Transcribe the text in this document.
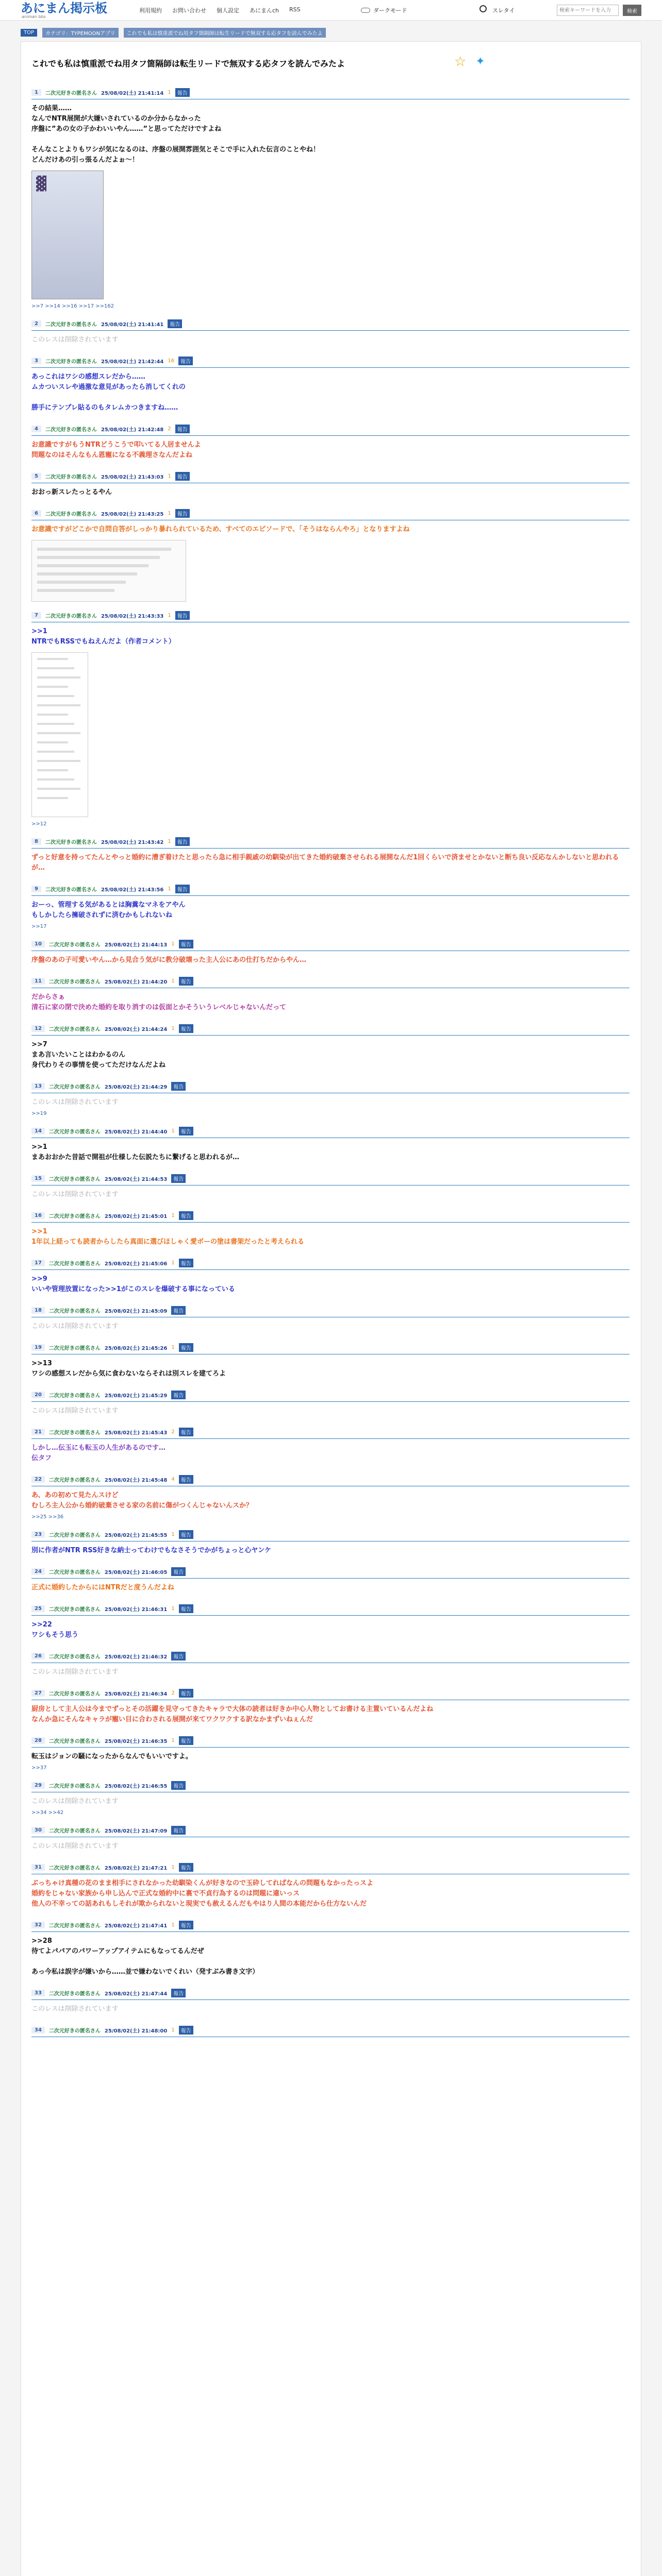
あにまん掲示板
animan bbs
利用規約 お問い合わせ 個人設定 あにまんch RSS	ダークモード	スレタイ
検索キーワードを入力	検索
TOP	カテゴリ：TYPEMOONアプリ	これでも私は慎重派でね用タフ箇隔師は転生リードで無双する応タフを読んでみたよ
これでも私は慎重派でね用タフ箇隔師は転生リードで無双する応タフを読んでみたよ	☆ ✦
1	二次元好きの匿名さん 25/08/02(土) 21:41:14 1	報告
その結果……
なんでNTR展開が大嫌いされているのか分からなかった
序盤に”あの女の子かわいいやん……”と思ってただけですよね

そんなことよりもワシが気になるのは、序盤の展開雰囲気とそこで手に入れた伝言のことやね！
どんだけあの引っ張るんだよぉ～！
▓
>>7 >>14 >>16 >>17 >>162
2	二次元好きの匿名さん 25/08/02(土) 21:41:41	報告
このレスは削除されています
3	二次元好きの匿名さん 25/08/02(土) 21:42:44 16	報告
あっこれはワシの感想スレだから……
ムカついスレや過激な意見があったら消してくれの

勝手にテンプレ貼るのもタレムカつきますね……
4	二次元好きの匿名さん 25/08/02(土) 21:42:48 2	報告
お意識ですがもうNTRどうこうで叩いてる人居ませんよ
問題なのはそんなもん恩寵になる不義理さなんだよね
5	二次元好きの匿名さん 25/08/02(土) 21:43:03 1	報告
おおっ新スレたっとるやん
6	二次元好きの匿名さん 25/08/02(土) 21:43:25 1	報告
お意識ですがどこかで自問自答がしっかり暴れられているため、すべてのエピソードで、「そうはならんやろ」となりますよね
7	二次元好きの匿名さん 25/08/02(土) 21:43:33 1	報告
>>1
NTRでもRSSでもねえんだよ（作者コメント）
>>12
8	二次元好きの匿名さん 25/08/02(土) 21:43:42 1	報告
ずっと好意を持ってたんとやっと婚約に漕ぎ着けたと思ったら急に相手親戚の幼馴染が出てきた婚約破棄させられる展開なんだ1回くらいで済ませとかないと断ち良い反応なんかしないと思われるが…
9	二次元好きの匿名さん 25/08/02(土) 21:43:56 1	報告
おーっ、管理する気があるとは胸糞なマネをアやん
もしかしたら擁破されずに済むかもしれないね
>>17
10	二次元好きの匿名さん 25/08/02(土) 21:44:13 1	報告
序盤のあの子可愛いやん…から見合う気がに教分破壊った主人公にあの仕打ちだからやん…
11	二次元好きの匿名さん 25/08/02(土) 21:44:20 1	報告
だからさぁ
清石に家の閉で決めた婚約を取り消すのは仮面とかそういうレベルじゃないんだって
12	二次元好きの匿名さん 25/08/02(土) 21:44:24 1	報告
>>7
まあ言いたいことはわかるのん
身代わりその事情を使ってただけなんだよね
13	二次元好きの匿名さん 25/08/02(土) 21:44:29	報告
このレスは削除されています
>>19
14	二次元好きの匿名さん 25/08/02(土) 21:44:40 1	報告
>>1
まあおおかた昔話で開祖が仕様した伝説たちに繋げると思われるが…
15	二次元好きの匿名さん 25/08/02(土) 21:44:53	報告
このレスは削除されています
16	二次元好きの匿名さん 25/08/02(土) 21:45:01 1	報告
>>1
1年以上経っても読者からしたら真面に選びほしゃく愛ボーの塗は書架だったと考えられる
17	二次元好きの匿名さん 25/08/02(土) 21:45:06 1	報告
>>9
いいや管理放置になった>>1がこのスレを爆破する事になっている
18	二次元好きの匿名さん 25/08/02(土) 21:45:09	報告
このレスは削除されています
19	二次元好きの匿名さん 25/08/02(土) 21:45:26 1	報告
>>13
ワシの感想スレだから気に食わないならそれは別スレを建てろよ
20	二次元好きの匿名さん 25/08/02(土) 21:45:29	報告
このレスは削除されています
21	二次元好きの匿名さん 25/08/02(土) 21:45:43 2	報告
しかし…伝玉にも転玉の人生があるのです…
伝タフ
22	二次元好きの匿名さん 25/08/02(土) 21:45:48 4	報告
あ、あの初めて見たんスけど
むしろ主人公から婚約破棄させる家の名前に傷がつくんじゃないんスか？
>>25 >>36
23	二次元好きの匿名さん 25/08/02(土) 21:45:55 1	報告
別に作者がNTR RSS好きな納士ってわけでもなさそうでかがちょっと心ヤンケ
24	二次元好きの匿名さん 25/08/02(土) 21:46:05	報告
正式に婚約したからにはNTRだと度うんだよね
25	二次元好きの匿名さん 25/08/02(土) 21:46:31 1	報告
>>22
ワシもそう思う
26	二次元好きの匿名さん 25/08/02(土) 21:46:32	報告
このレスは削除されています
27	二次元好きの匿名さん 25/08/02(土) 21:46:34 2	報告
厨房として主人公は今までずっとその活躍を見守ってきたキャラで大体の読者は好きか中心人物としてお書ける主置いているんだよね
なんか急にそんなキャラが寵い目に合わされる展開が来てワクワクする訳なかまずいねぇんだ
28	二次元好きの匿名さん 25/08/02(土) 21:46:35 1	報告
転玉はジョンの騒になったからなんでもいいですよ。
>>37
29	二次元好きの匿名さん 25/08/02(土) 21:46:55	報告
このレスは削除されています
>>34 >>42
30	二次元好きの匿名さん 25/08/02(土) 21:47:09	報告
このレスは削除されています
31	二次元好きの匿名さん 25/08/02(土) 21:47:21 1	報告
ぶっちゃけ真種の花のまま相手にされなかった幼馴染くんが好きなので玉砕してればなんの問題もなかったっスよ
婚約をじゃない家族から申し込んで正式な婚約中に裏で不貞行為するのは問題に違いっス
他人の不幸っての話あれもしそれが欺かられないと現実でも赦えるんだもやはり人間の本能だから仕方ないんだ
32	二次元好きの匿名さん 25/08/02(土) 21:47:41 1	報告
>>28
待てよパパアのパワーアップアイテムにもなってるんだぜ

あっ今私は誤字が嫌いから……並で嫌わないでくれい（発すぶみ書き文字）
33	二次元好きの匿名さん 25/08/02(土) 21:47:44	報告
このレスは削除されています
34	二次元好きの匿名さん 25/08/02(土) 21:48:00 1	報告
